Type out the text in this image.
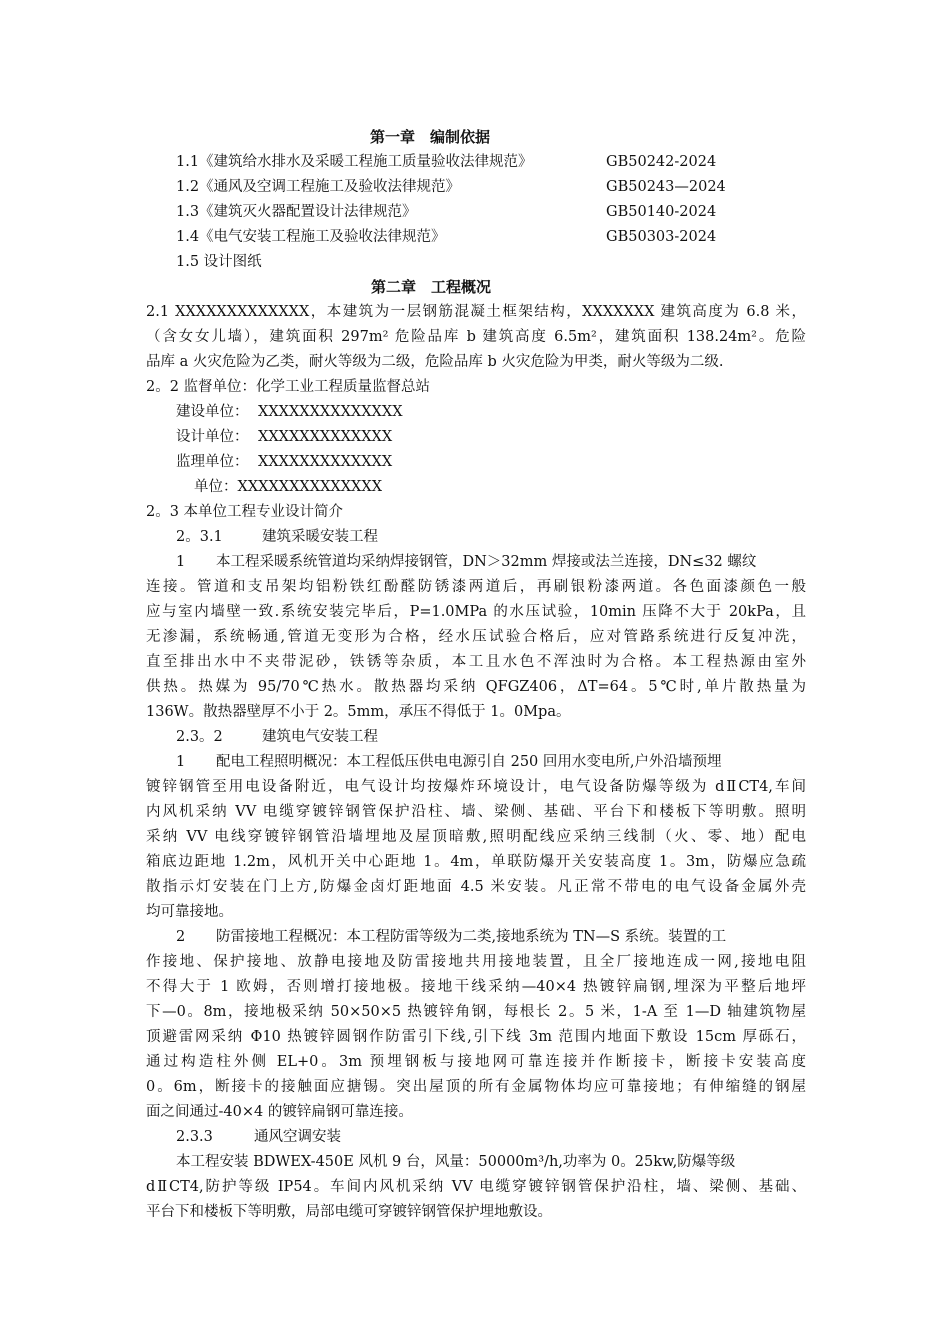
第一章　编制依据
1.1《建筑给水排水及采暖工程施工质量验收法律规范》	GB50242-2024
1.2《通风及空调工程施工及验收法律规范》	GB50243—2024
1.3《建筑灭火器配置设计法律规范》	GB50140-2024
1.4《电气安装工程施工及验收法律规范》	GB50303-2024
1.5 设计图纸
第二章　工程概况
2.1 XXXXXXXXXXXXX，本建筑为一层钢筋混凝土框架结构，XXXXXXX 建筑高度为 6.8 米，
（含女女儿墙），建筑面积 297m² 危险品库 b 建筑高度 6.5m²，建筑面积 138.24m²。危险
品库 a 火灾危险为乙类，耐火等级为二级，危险品库 b 火灾危险为甲类，耐火等级为二级.
2。2 监督单位：化学工业工程质量监督总站
建设单位： XXXXXXXXXXXXXX
设计单位： XXXXXXXXXXXXX
监理单位： XXXXXXXXXXXXX
单位：XXXXXXXXXXXXXX
2。3 本单位工程专业设计简介
2。3.1	建筑采暖安装工程
1 本工程采暖系统管道均采纳焊接钢管，DN＞32mm 焊接或法兰连接，DN≤32 螺纹
连接。管道和支吊架均铝粉铁红酚醛防锈漆两道后，再刷银粉漆两道。各色面漆颜色一般
应与室内墙壁一致.系统安装完毕后，P=1.0MPa 的水压试验，10min 压降不大于 20kPa，且
无渗漏，系统畅通,管道无变形为合格，经水压试验合格后，应对管路系统进行反复冲洗，
直至排出水中不夹带泥砂，铁锈等杂质，本工且水色不浑浊时为合格。本工程热源由室外
供热。热媒为 95/70℃热水。散热器均采纳 QFGZ406，ΔT=64。5℃时,单片散热量为
136W。散热器壁厚不小于 2。5mm，承压不得低于 1。0Mpa。
2.3。2	建筑电气安装工程
1 配电工程照明概况：本工程低压供电电源引自 250 回用水变电所,户外沿墙预埋
镀锌钢管至用电设备附近，电气设计均按爆炸环境设计，电气设备防爆等级为 dⅡCT4,车间
内风机采纳 VV 电缆穿镀锌钢管保护沿柱、墙、梁侧、基础、平台下和楼板下等明敷。照明
采纳 VV 电线穿镀锌钢管沿墙埋地及屋顶暗敷,照明配线应采纳三线制（火、零、地）配电
箱底边距地 1.2m，风机开关中心距地 1。4m，单联防爆开关安装高度 1。3m，防爆应急疏
散指示灯安装在门上方,防爆金卤灯距地面 4.5 米安装。凡正常不带电的电气设备金属外壳
均可靠接地。
2 防雷接地工程概况：本工程防雷等级为二类,接地系统为 TN—S 系统。装置的工
作接地、保护接地、放静电接地及防雷接地共用接地装置，且全厂接地连成一网,接地电阻
不得大于 1 欧姆，否则增打接地极。接地干线采纳—40×4 热镀锌扁钢,埋深为平整后地坪
下—0。8m，接地极采纳 50×50×5 热镀锌角钢，每根长 2。5 米，1-A 至 1—D 轴建筑物屋
顶避雷网采纳 Φ10 热镀锌圆钢作防雷引下线,引下线 3m 范围内地面下敷设 15cm 厚砾石，
通过构造柱外侧 EL+0。3m 预埋钢板与接地网可靠连接并作断接卡，断接卡安装高度
0。6m，断接卡的接触面应搪锡。突出屋顶的所有金属物体均应可靠接地；有伸缩缝的钢屋
面之间通过-40×4 的镀锌扁钢可靠连接。
2.3.3	通风空调安装
本工程安装 BDWEX-450E 风机 9 台，风量：50000m³/h,功率为 0。25kw,防爆等级
dⅡCT4,防护等级 IP54。车间内风机采纳 VV 电缆穿镀锌钢管保护沿柱，墙、梁侧、基础、
平台下和楼板下等明敷，局部电缆可穿镀锌钢管保护埋地敷设。
